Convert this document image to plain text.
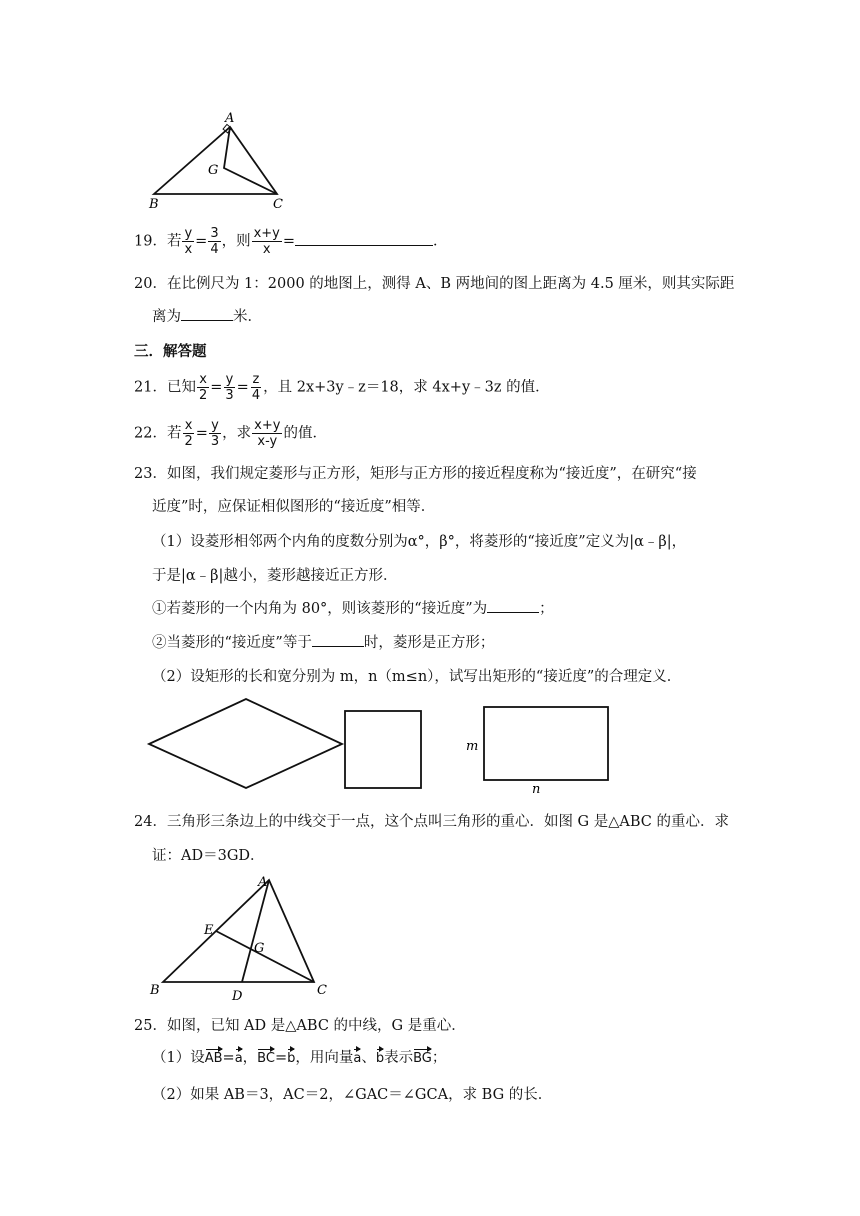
A
G
B	C
19．若 $\frac{y}{x} = \frac{3}{4}$ ，则 $\frac{x+y}{x}$ =	．
20．在比例尺为 1：2000 的地图上，测得 A、B 两地间的图上距离为 4.5 厘米，则其实际距
离为	米．
三．解答题
21．已知 $\frac{x}{2} = \frac{y}{3} = \frac{z}{4}$ ，且 2x+3y﹣z＝18，求 4x+y﹣3z 的值．
22．若 $\frac{x}{2} = \frac{y}{3}$ ，求 $\frac{x+y}{x-y}$ 的值．
23．如图，我们规定菱形与正方形，矩形与正方形的接近程度称为“接近度”，在研究“接
近度”时，应保证相似图形的“接近度”相等．
（1）设菱形相邻两个内角的度数分别为α°，β°，将菱形的“接近度”定义为|α﹣β|，
于是|α﹣β|越小，菱形越接近正方形．
①若菱形的一个内角为 80°，则该菱形的“接近度”为	；
②当菱形的“接近度”等于	时，菱形是正方形；
（2）设矩形的长和宽分别为 m，n（m≤n），试写出矩形的“接近度”的合理定义．
m
n
24．三角形三条边上的中线交于一点，这个点叫三角形的重心．如图 G 是△ABC 的重心．求
证：AD＝3GD．
A
E
G
B	D	C
25．如图，已知 AD 是△ABC 的中线，G 是重心．
（1）设AB=a，BC=b，用向量a、b表示BG；
（2）如果 AB＝3，AC＝2，∠GAC＝∠GCA，求 BG 的长．
